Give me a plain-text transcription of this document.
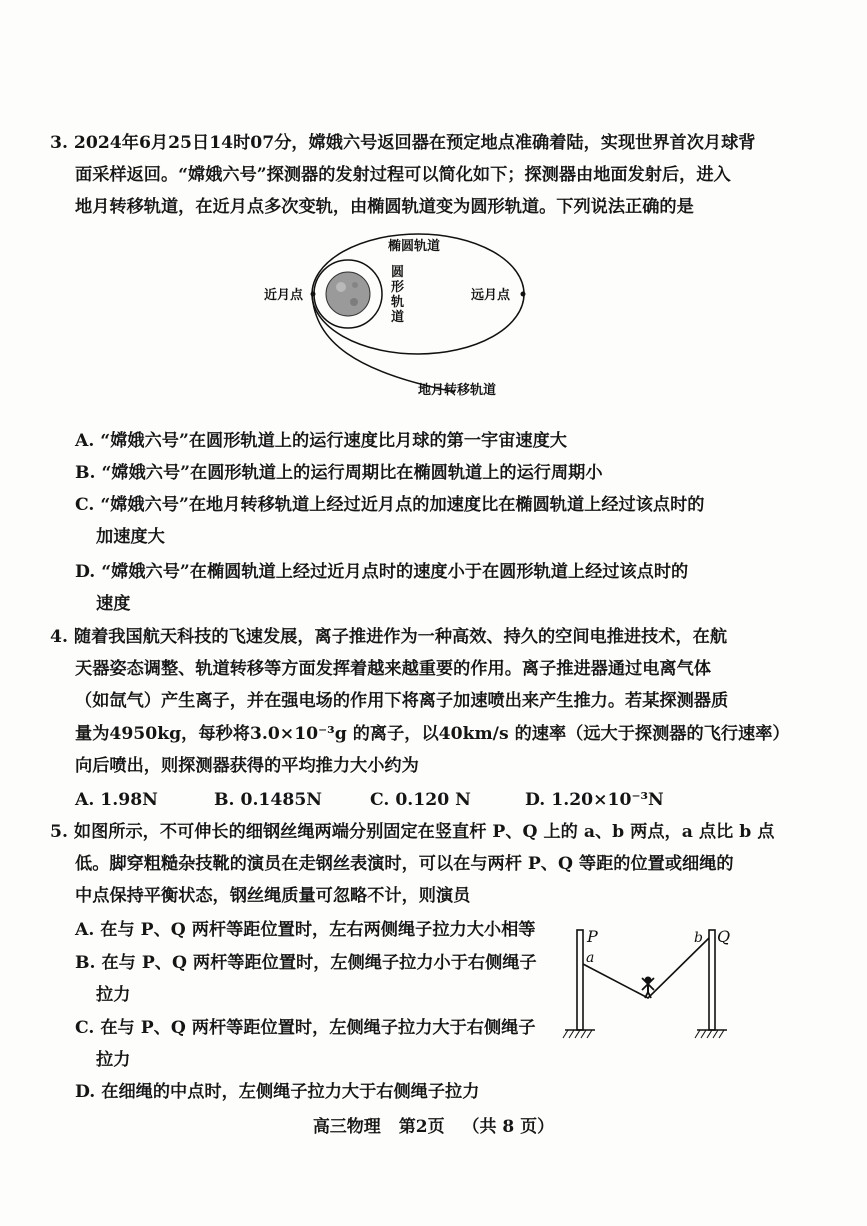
3. 2024年6月25日14时07分，嫦娥六号返回器在预定地点准确着陆，实现世界首次月球背
面采样返回。“嫦娥六号”探测器的发射过程可以简化如下；探测器由地面发射后，进入
地月转移轨道，在近月点多次变轨，由椭圆轨道变为圆形轨道。下列说法正确的是
椭圆轨道
圆
形
轨
道
近月点	远月点
地月转移轨道
A. “嫦娥六号”在圆形轨道上的运行速度比月球的第一宇宙速度大
B. “嫦娥六号”在圆形轨道上的运行周期比在椭圆轨道上的运行周期小
C. “嫦娥六号”在地月转移轨道上经过近月点的加速度比在椭圆轨道上经过该点时的
加速度大
D. “嫦娥六号”在椭圆轨道上经过近月点时的速度小于在圆形轨道上经过该点时的
速度
4. 随着我国航天科技的飞速发展，离子推进作为一种高效、持久的空间电推进技术，在航
天器姿态调整、轨道转移等方面发挥着越来越重要的作用。离子推进器通过电离气体
（如氙气）产生离子，并在强电场的作用下将离子加速喷出来产生推力。若某探测器质
量为4950kg，每秒将3.0×10⁻³g 的离子，以40km/s 的速率（远大于探测器的飞行速率）
向后喷出，则探测器获得的平均推力大小约为
A. 1.98N	B. 0.1485N	C. 0.120 N	D. 1.20×10⁻³N
5. 如图所示，不可伸长的细钢丝绳两端分别固定在竖直杆 P、Q 上的 a、b 两点，a 点比 b 点
低。脚穿粗糙杂技靴的演员在走钢丝表演时，可以在与两杆 P、Q 等距的位置或细绳的
中点保持平衡状态，钢丝绳质量可忽略不计，则演员
A. 在与 P、Q 两杆等距位置时，左右两侧绳子拉力大小相等
B. 在与 P、Q 两杆等距位置时，左侧绳子拉力小于右侧绳子
拉力
C. 在与 P、Q 两杆等距位置时，左侧绳子拉力大于右侧绳子
拉力
D. 在细绳的中点时，左侧绳子拉力大于右侧绳子拉力
P	Q
a
b
高三物理 第2页 （共 8 页）
